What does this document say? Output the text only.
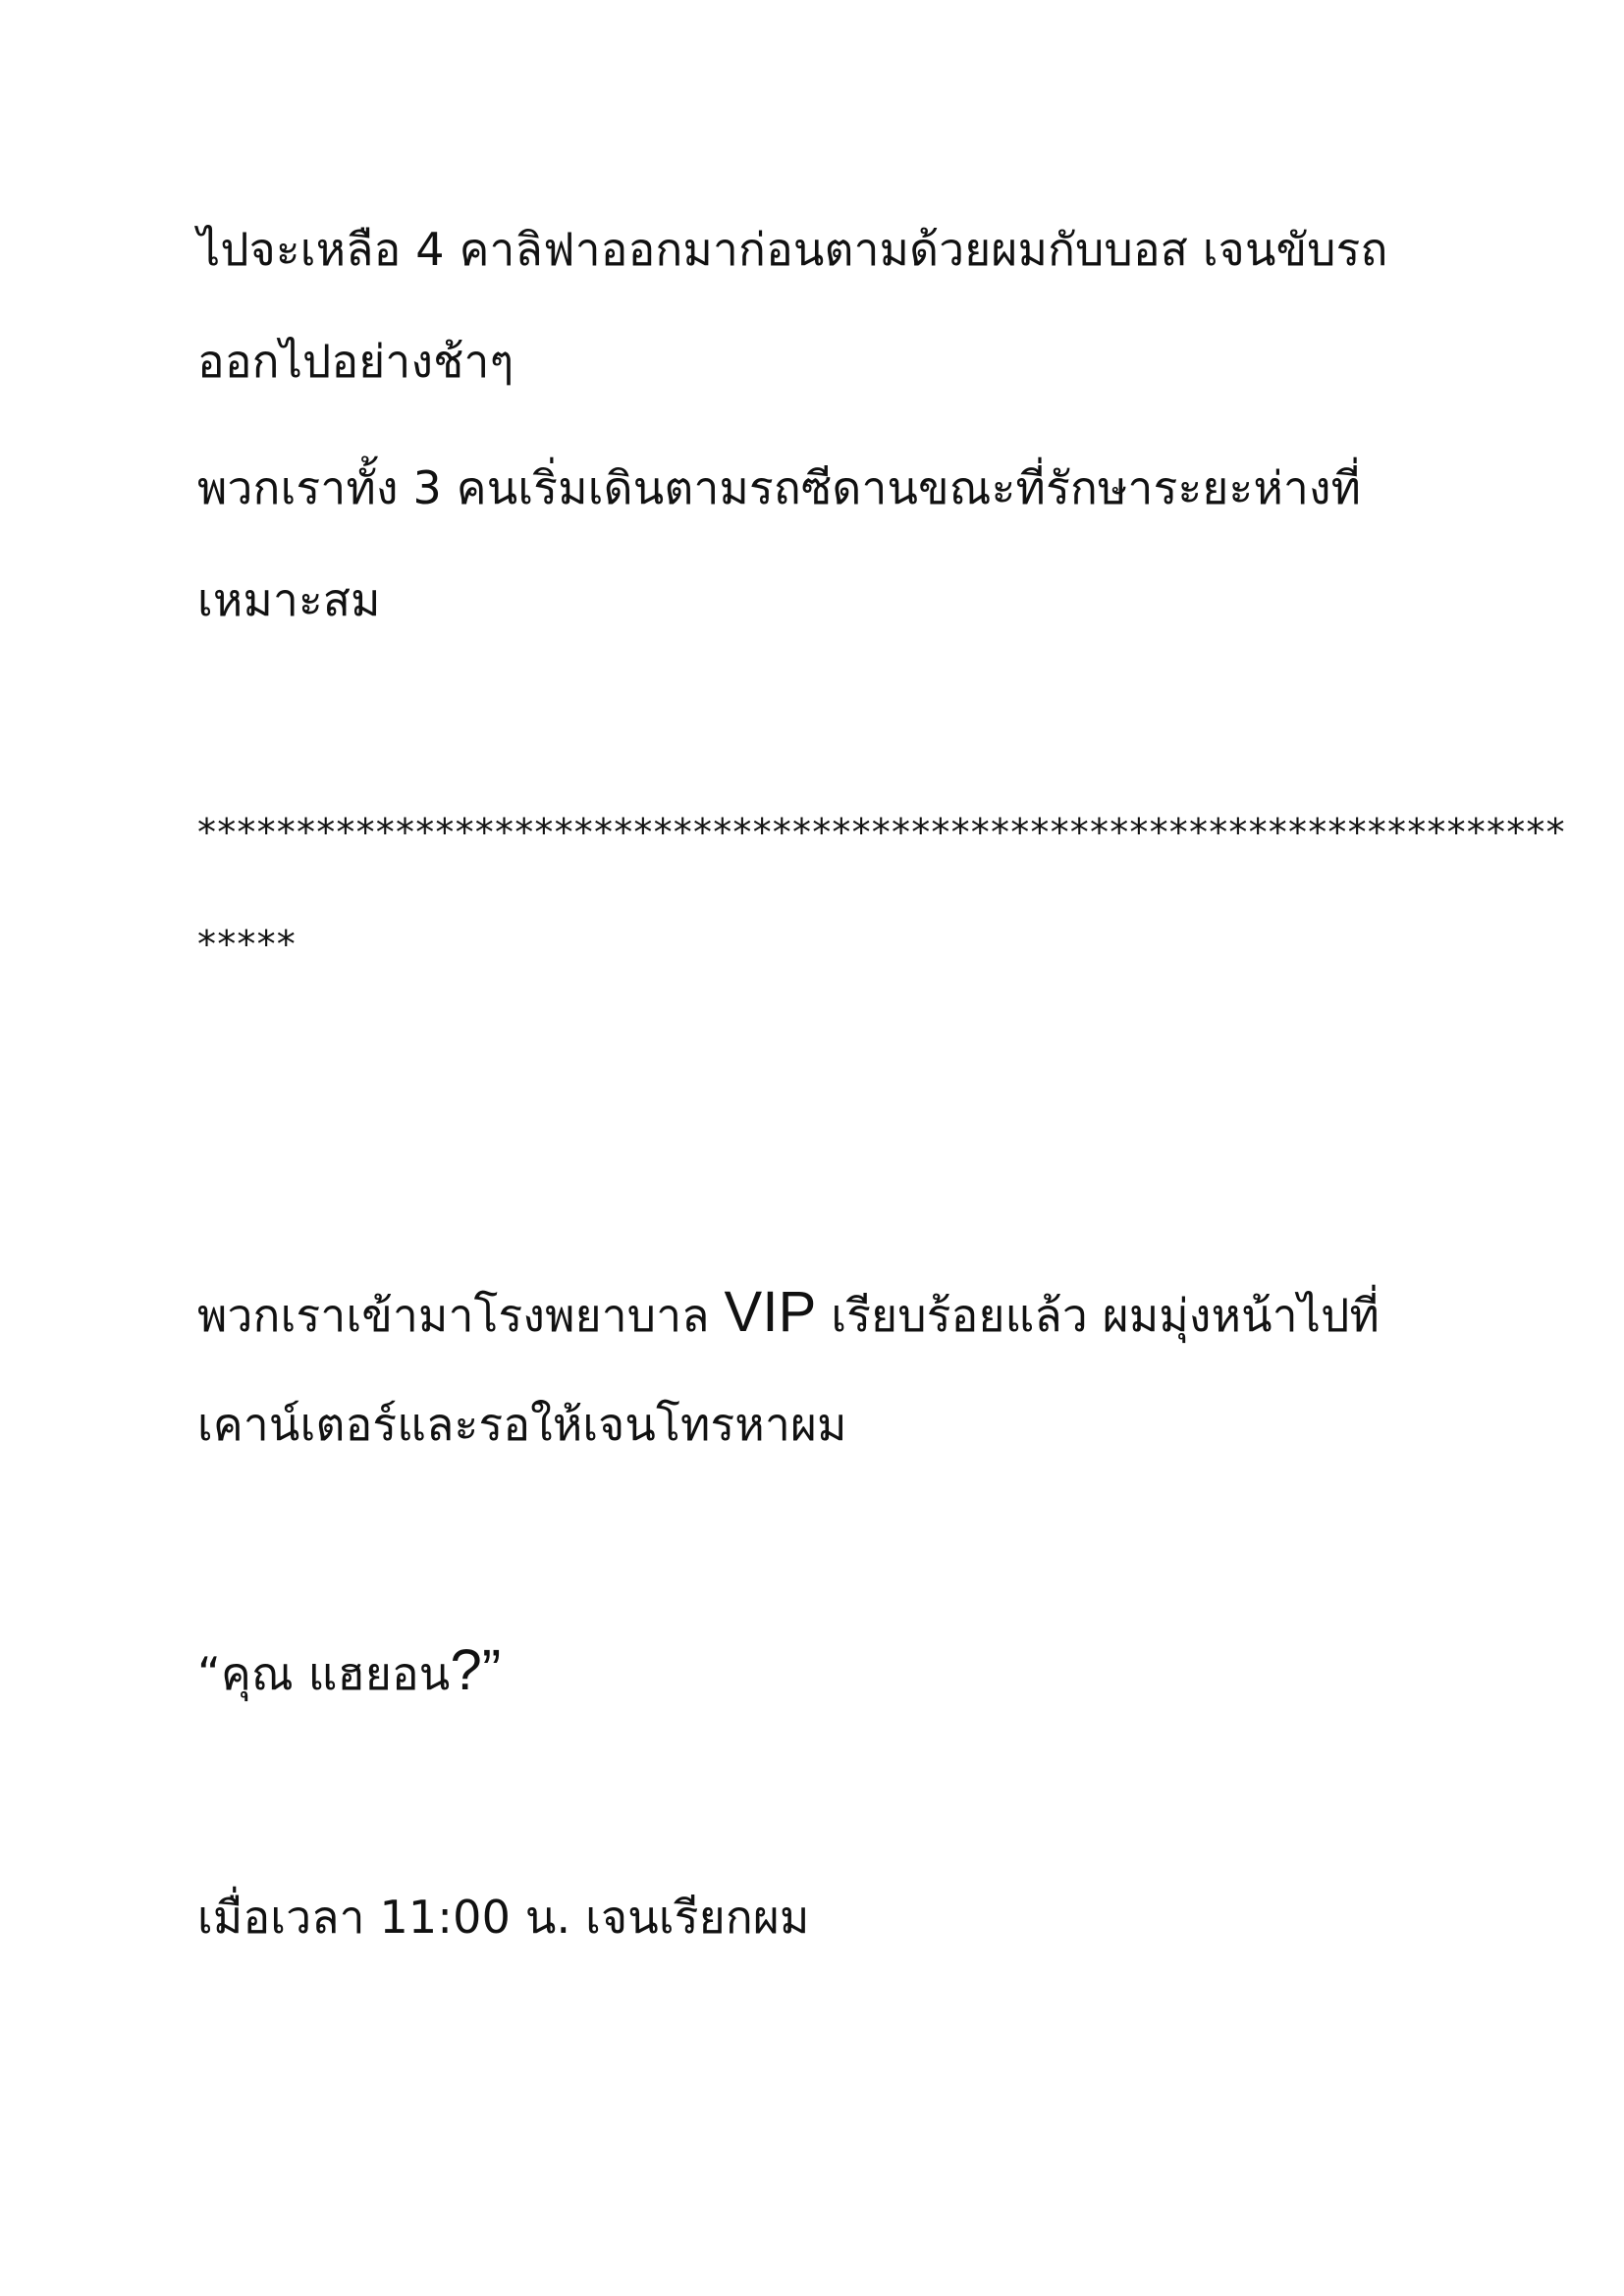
ไปจะเหลือ 4 คาลิฟาออกมาก่อนตามด้วยผมกับบอส เจนขับรถ
ออกไปอย่างช้าๆ
พวกเราทั้ง 3 คนเริ่มเดินตามรถซีดานขณะที่รักษาระยะห่างที่
เหมาะสม
*********************************************************************
*****
พวกเราเข้ามาโรงพยาบาล VIP เรียบร้อยแล้ว ผมมุ่งหน้าไปที่
เคาน์เตอร์และรอให้เจนโทรหาผม
“คุณ แฮยอน?”
เมื่อเวลา 11:00 น. เจนเรียกผม
